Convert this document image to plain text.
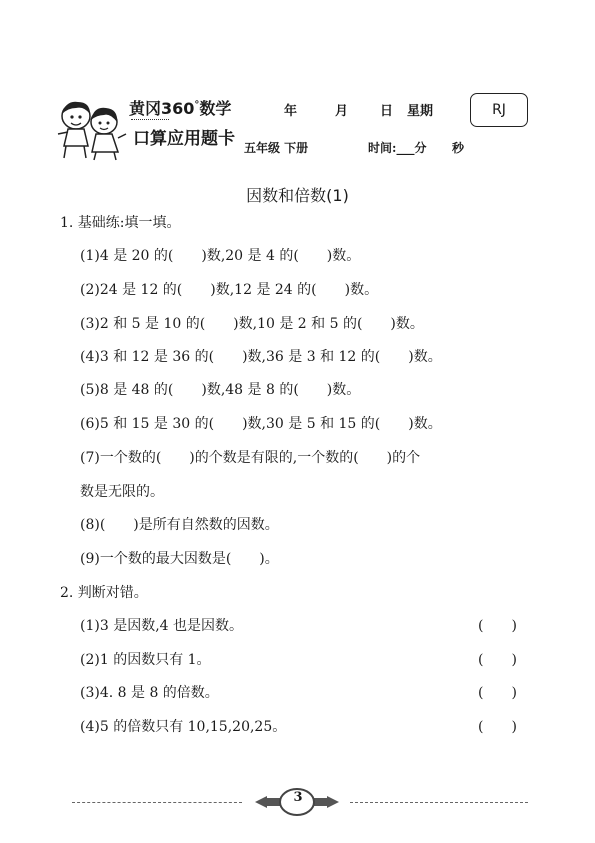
黄冈360°数学
口算应用题卡
年	月 日 星期	RJ
五年级 下册	时间:___分 秒
因数和倍数(1)
1. 基础练:填一填。
(1)4 是 20 的(　　)数,20 是 4 的(　　)数。
(2)24 是 12 的(　　)数,12 是 24 的(　　)数。
(3)2 和 5 是 10 的(　　)数,10 是 2 和 5 的(　　)数。
(4)3 和 12 是 36 的(　　)数,36 是 3 和 12 的(　　)数。
(5)8 是 48 的(　　)数,48 是 8 的(　　)数。
(6)5 和 15 是 30 的(　　)数,30 是 5 和 15 的(　　)数。
(7)一个数的(　　)的个数是有限的,一个数的(　　)的个
数是无限的。
(8)(　　)是所有自然数的因数。
(9)一个数的最大因数是(　　)。
2. 判断对错。
(1)3 是因数,4 也是因数。	(　　)
(2)1 的因数只有 1。	(　　)
(3)4. 8 是 8 的倍数。	(　　)
(4)5 的倍数只有 10,15,20,25。	(　　)
3
